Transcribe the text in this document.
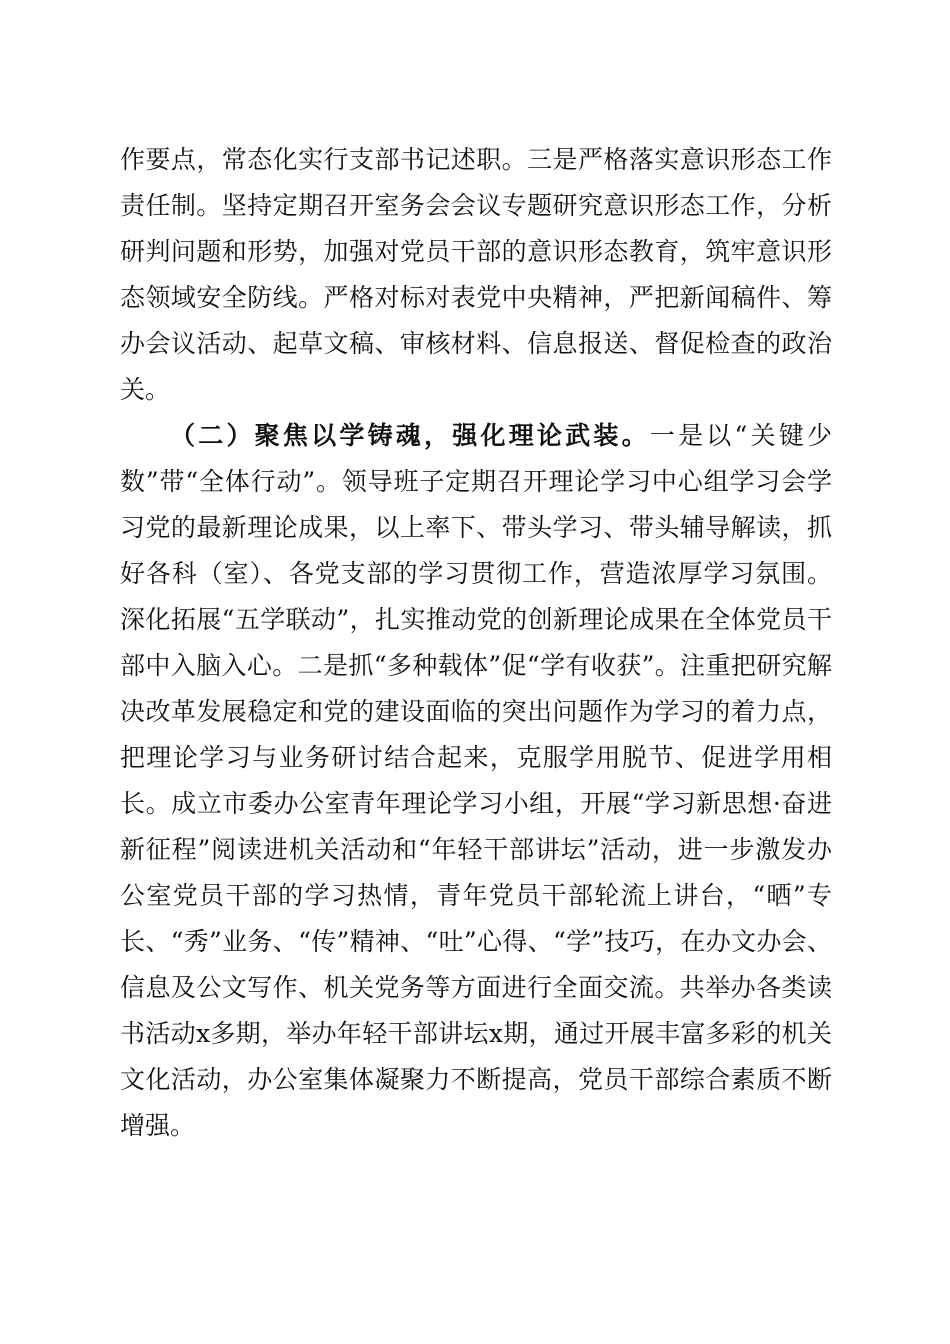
作要点，常态化实行支部书记述职。三是严格落实意识形态工作责任制。坚持定期召开室务会会议专题研究意识形态工作，分析研判问题和形势，加强对党员干部的意识形态教育，筑牢意识形态领域安全防线。严格对标对表党中央精神，严把新闻稿件、筹办会议活动、起草文稿、审核材料、信息报送、督促检查的政治关。

（二）聚焦以学铸魂，强化理论武装。一是以“关键少数”带“全体行动”。领导班子定期召开理论学习中心组学习会学习党的最新理论成果，以上率下、带头学习、带头辅导解读，抓好各科（室）、各党支部的学习贯彻工作，营造浓厚学习氛围。深化拓展“五学联动”，扎实推动党的创新理论成果在全体党员干部中入脑入心。二是抓“多种载体”促“学有收获”。注重把研究解决改革发展稳定和党的建设面临的突出问题作为学习的着力点，把理论学习与业务研讨结合起来，克服学用脱节、促进学用相长。成立市委办公室青年理论学习小组，开展“学习新思想·奋进新征程”阅读进机关活动和“年轻干部讲坛”活动，进一步激发办公室党员干部的学习热情，青年党员干部轮流上讲台，“晒”专长、“秀”业务、“传”精神、“吐”心得、“学”技巧，在办文办会、信息及公文写作、机关党务等方面进行全面交流。共举办各类读书活动x多期，举办年轻干部讲坛x期，通过开展丰富多彩的机关文化活动，办公室集体凝聚力不断提高，党员干部综合素质不断增强。
